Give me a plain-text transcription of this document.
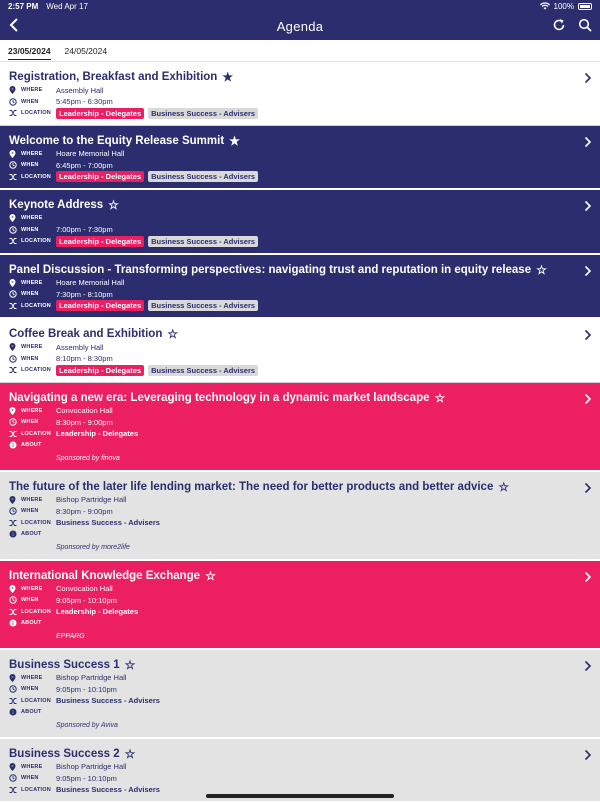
2:57 PM Wed Apr 17	100%
Agenda
23/05/2024 24/05/2024
Registration, Breakfast and Exhibition ★
WHERE	Assembly Hall
WHEN	5:45pm - 6:30pm
LOCATION	Leadership - Delegates	Business Success - Advisers
Welcome to the Equity Release Summit ★
WHERE	Hoare Memorial Hall
WHEN	6:45pm - 7:00pm
LOCATION	Leadership - Delegates	Business Success - Advisers
Keynote Address ☆
WHERE
WHEN	7:00pm - 7:30pm
LOCATION	Leadership - Delegates	Business Success - Advisers
Panel Discussion - Transforming perspectives: navigating trust and reputation in equity release ☆
WHERE	Hoare Memorial Hall
WHEN	7:30pm - 8:10pm
LOCATION	Leadership - Delegates	Business Success - Advisers
Coffee Break and Exhibition ☆
WHERE	Assembly Hall
WHEN	8:10pm - 8:30pm
LOCATION	Leadership - Delegates	Business Success - Advisers
Navigating a new era: Leveraging technology in a dynamic market landscape ☆
WHERE	Convocation Hall
WHEN	8:30pm - 9:00pm
LOCATION Leadership - Delegates
ABOUT
Sponsored by finova
The future of the later life lending market: The need for better products and better advice ☆
WHERE	Bishop Partridge Hall
WHEN	8:30pm - 9:00pm
LOCATION Business Success - Advisers
ABOUT
Sponsored by more2life
International Knowledge Exchange ☆
WHERE	Convocation Hall
WHEN	9:05pm - 10:10pm
LOCATION Leadership - Delegates
ABOUT
EPPARG
Business Success 1 ☆
WHERE	Bishop Partridge Hall
WHEN	9:05pm - 10:10pm
LOCATION Business Success - Advisers
ABOUT
Sponsored by Aviva
Business Success 2 ☆
WHERE	Bishop Partridge Hall
WHEN	9:05pm - 10:10pm
LOCATION Business Success - Advisers
